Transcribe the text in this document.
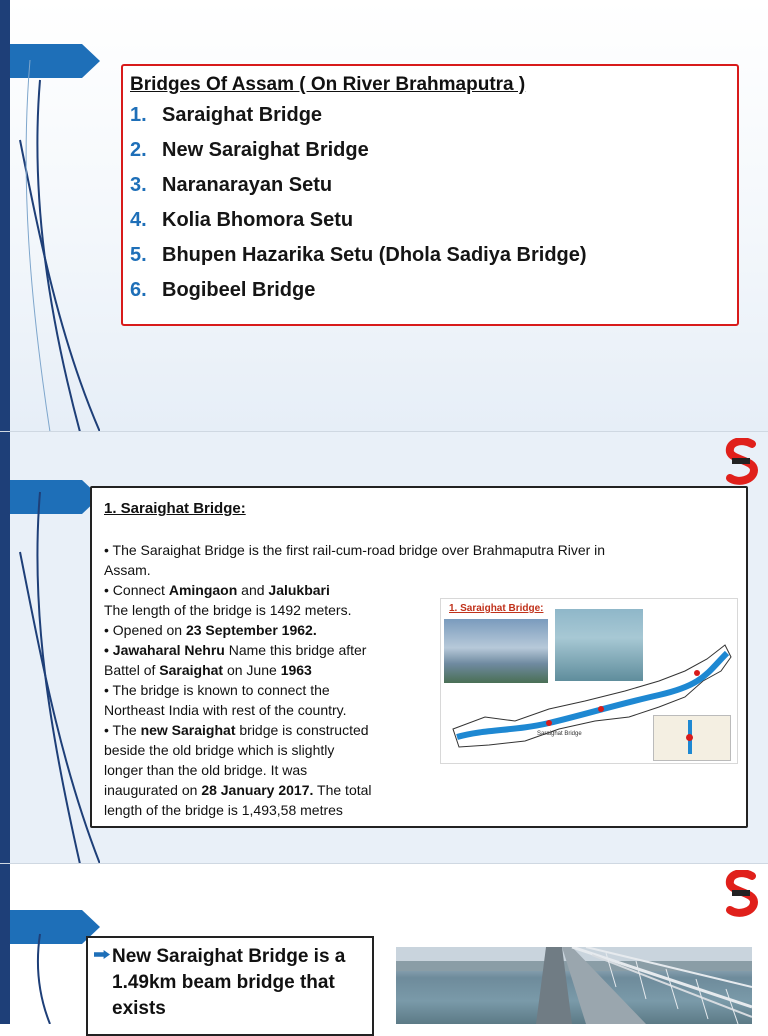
Bridges Of Assam ( On River Brahmaputra )
1. Saraighat Bridge
2. New Saraighat Bridge
3. Naranarayan Setu
4. Kolia Bhomora Setu
5. Bhupen Hazarika Setu (Dhola Sadiya Bridge)
6. Bogibeel Bridge
1. Saraighat Bridge:
• The Saraighat Bridge is the first rail-cum-road bridge over Brahmaputra River in
Assam.
• Connect Amingaon and Jalukbari
The length of the bridge is 1492 meters.
• Opened on 23 September 1962.
• Jawaharal Nehru Name this bridge after
Battel of Saraighat on June 1963
• The bridge is known to connect the
Northeast India with rest of the country.
• The new Saraighat bridge is constructed
beside the old bridge which is slightly
longer than the old bridge. It was
inaugurated on 28 January 2017. The total
length of the bridge is 1,493,58 metres
1. Saraighat Bridge:
Saraighat Bridge
New Saraighat Bridge is a 1.49km beam bridge that exists
